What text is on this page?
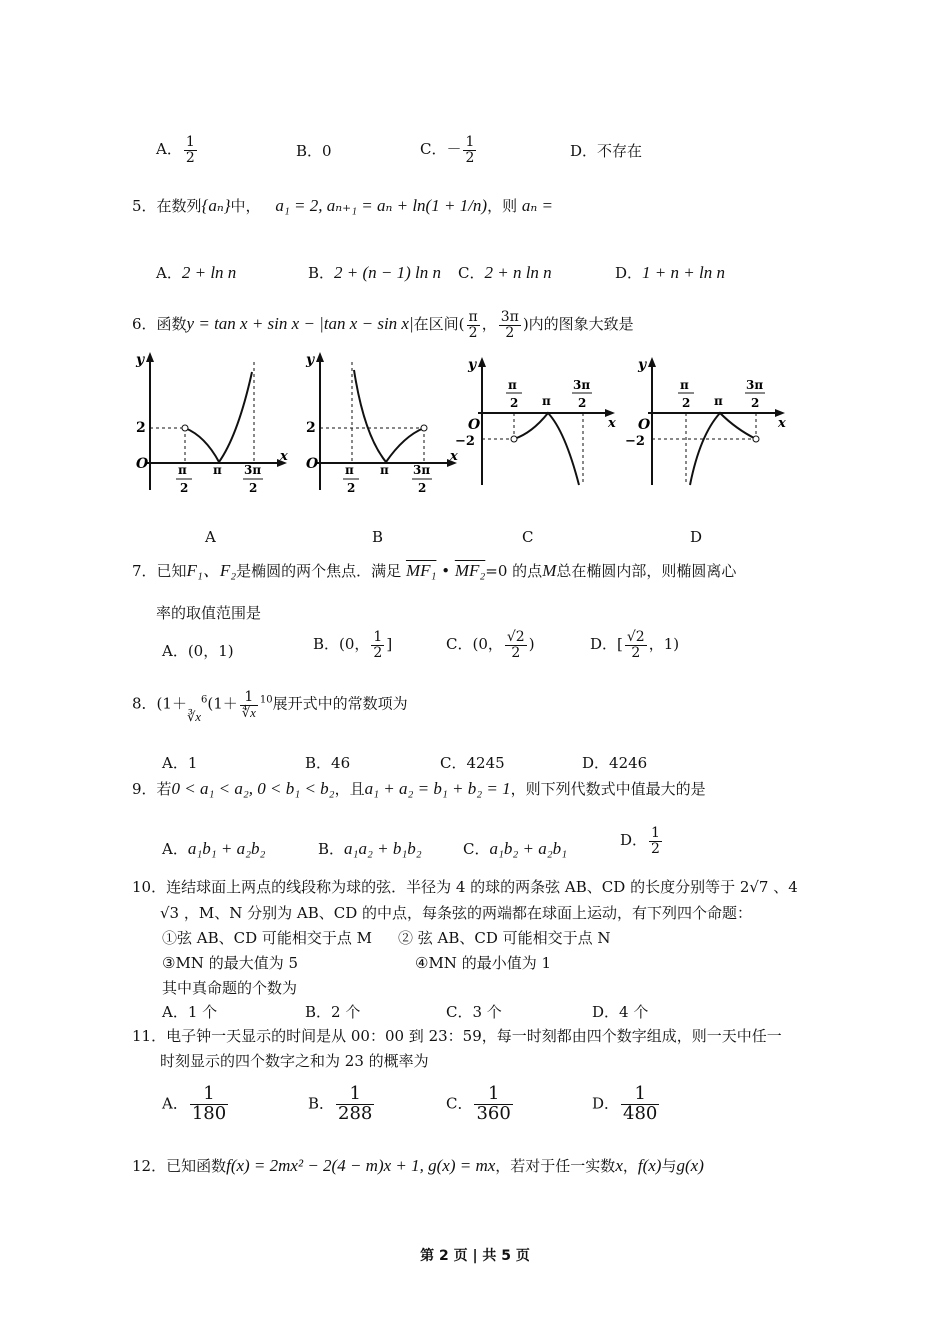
A． $\frac{1}{2}$	B．0	C．－ $\frac{1}{2}$	D．不存在
5．在数列{aₙ}中， a₁ = 2, aₙ₊₁ = aₙ + ln(1 + 1/n)，则 aₙ =
A．2 + ln n	B．2 + (n − 1) ln n C．2 + n ln n	D．1 + n + ln n
6．函数y = tan x + sin x − |tan x − sin x|在区间( $\frac{\pi}{2}$ ， $\frac{3\pi}{2}$ )内的图象大致是
y
x
O
2
π
2
π 3π
2
y
x
O
2
π
2
π 3π
2
y
x
O
−2
π
2 π
3π
2
y
x
O
−2
π
2 π
3π
2
A	B	C	D
7．已知F₁、F₂是椭圆的两个焦点．满足 MF₁ • MF₂=0 的点M总在椭圆内部，则椭圆离心
率的取值范围是
A．(0，1)	B．(0， $\frac{1}{2}$ ]	C．(0， $\frac{√2}{2}$ )	D．[ $\frac{√2}{2}$ ，1)
8．($1+∛x^6(1+ \frac{1}{∜x} ^{10}$展开式中的常数项为
A．1	B．46	C．4245	D．4246
9．若0 < a₁ < a₂, 0 < b₁ < b₂，且a₁ + a₂ = b₁ + b₂ = 1，则下列代数式中值最大的是
A．a₁b₁ + a₂b₂	B．a₁a₂ + b₁b₂	C．a₁b₂ + a₂b₁	D． $\frac{1}{2}$
10．连结球面上两点的线段称为球的弦．半径为 4 的球的两条弦 AB、CD 的长度分别等于 2√7 、4
√3 ，M、N 分别为 AB、CD 的中点，每条弦的两端都在球面上运动，有下列四个命题：
①弦 AB、CD 可能相交于点 M ② 弦 AB、CD 可能相交于点 N
③MN 的最大值为 5	④MN 的最小值为 1
其中真命题的个数为
A．1 个	B．2 个	C．3 个	D．4 个
11．电子钟一天显示的时间是从 00：00 到 23：59，每一时刻都由四个数字组成，则一天中任一
时刻显示的四个数字之和为 23 的概率为
A． $\frac{1}{180}$	B． $\frac{1}{288}$	C． $\frac{1}{360}$	D． $\frac{1}{480}$
12．已知函数f(x) = 2mx² − 2(4 − m)x + 1, g(x) = mx，若对于任一实数x，f(x)与g(x)
第 2 页 | 共 5 页
